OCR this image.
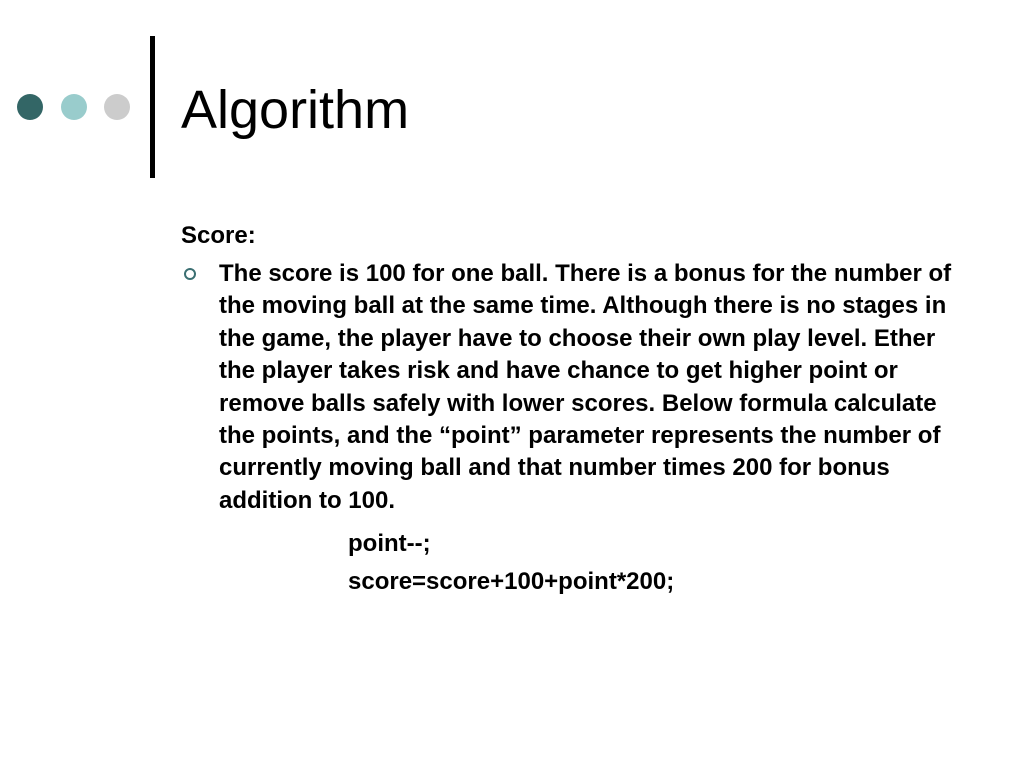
Algorithm

Score:

The score is 100 for one ball. There is a bonus for the number of the moving ball at the same time. Although there is no stages in the game, the player have to choose their own play level. Ether the player takes risk and have chance to get higher point or remove balls safely with lower scores. Below formula calculate the points, and the “point” parameter represents the number of currently moving ball and that number times 200 for bonus addition to 100.

point--;

score=score+100+point*200;
